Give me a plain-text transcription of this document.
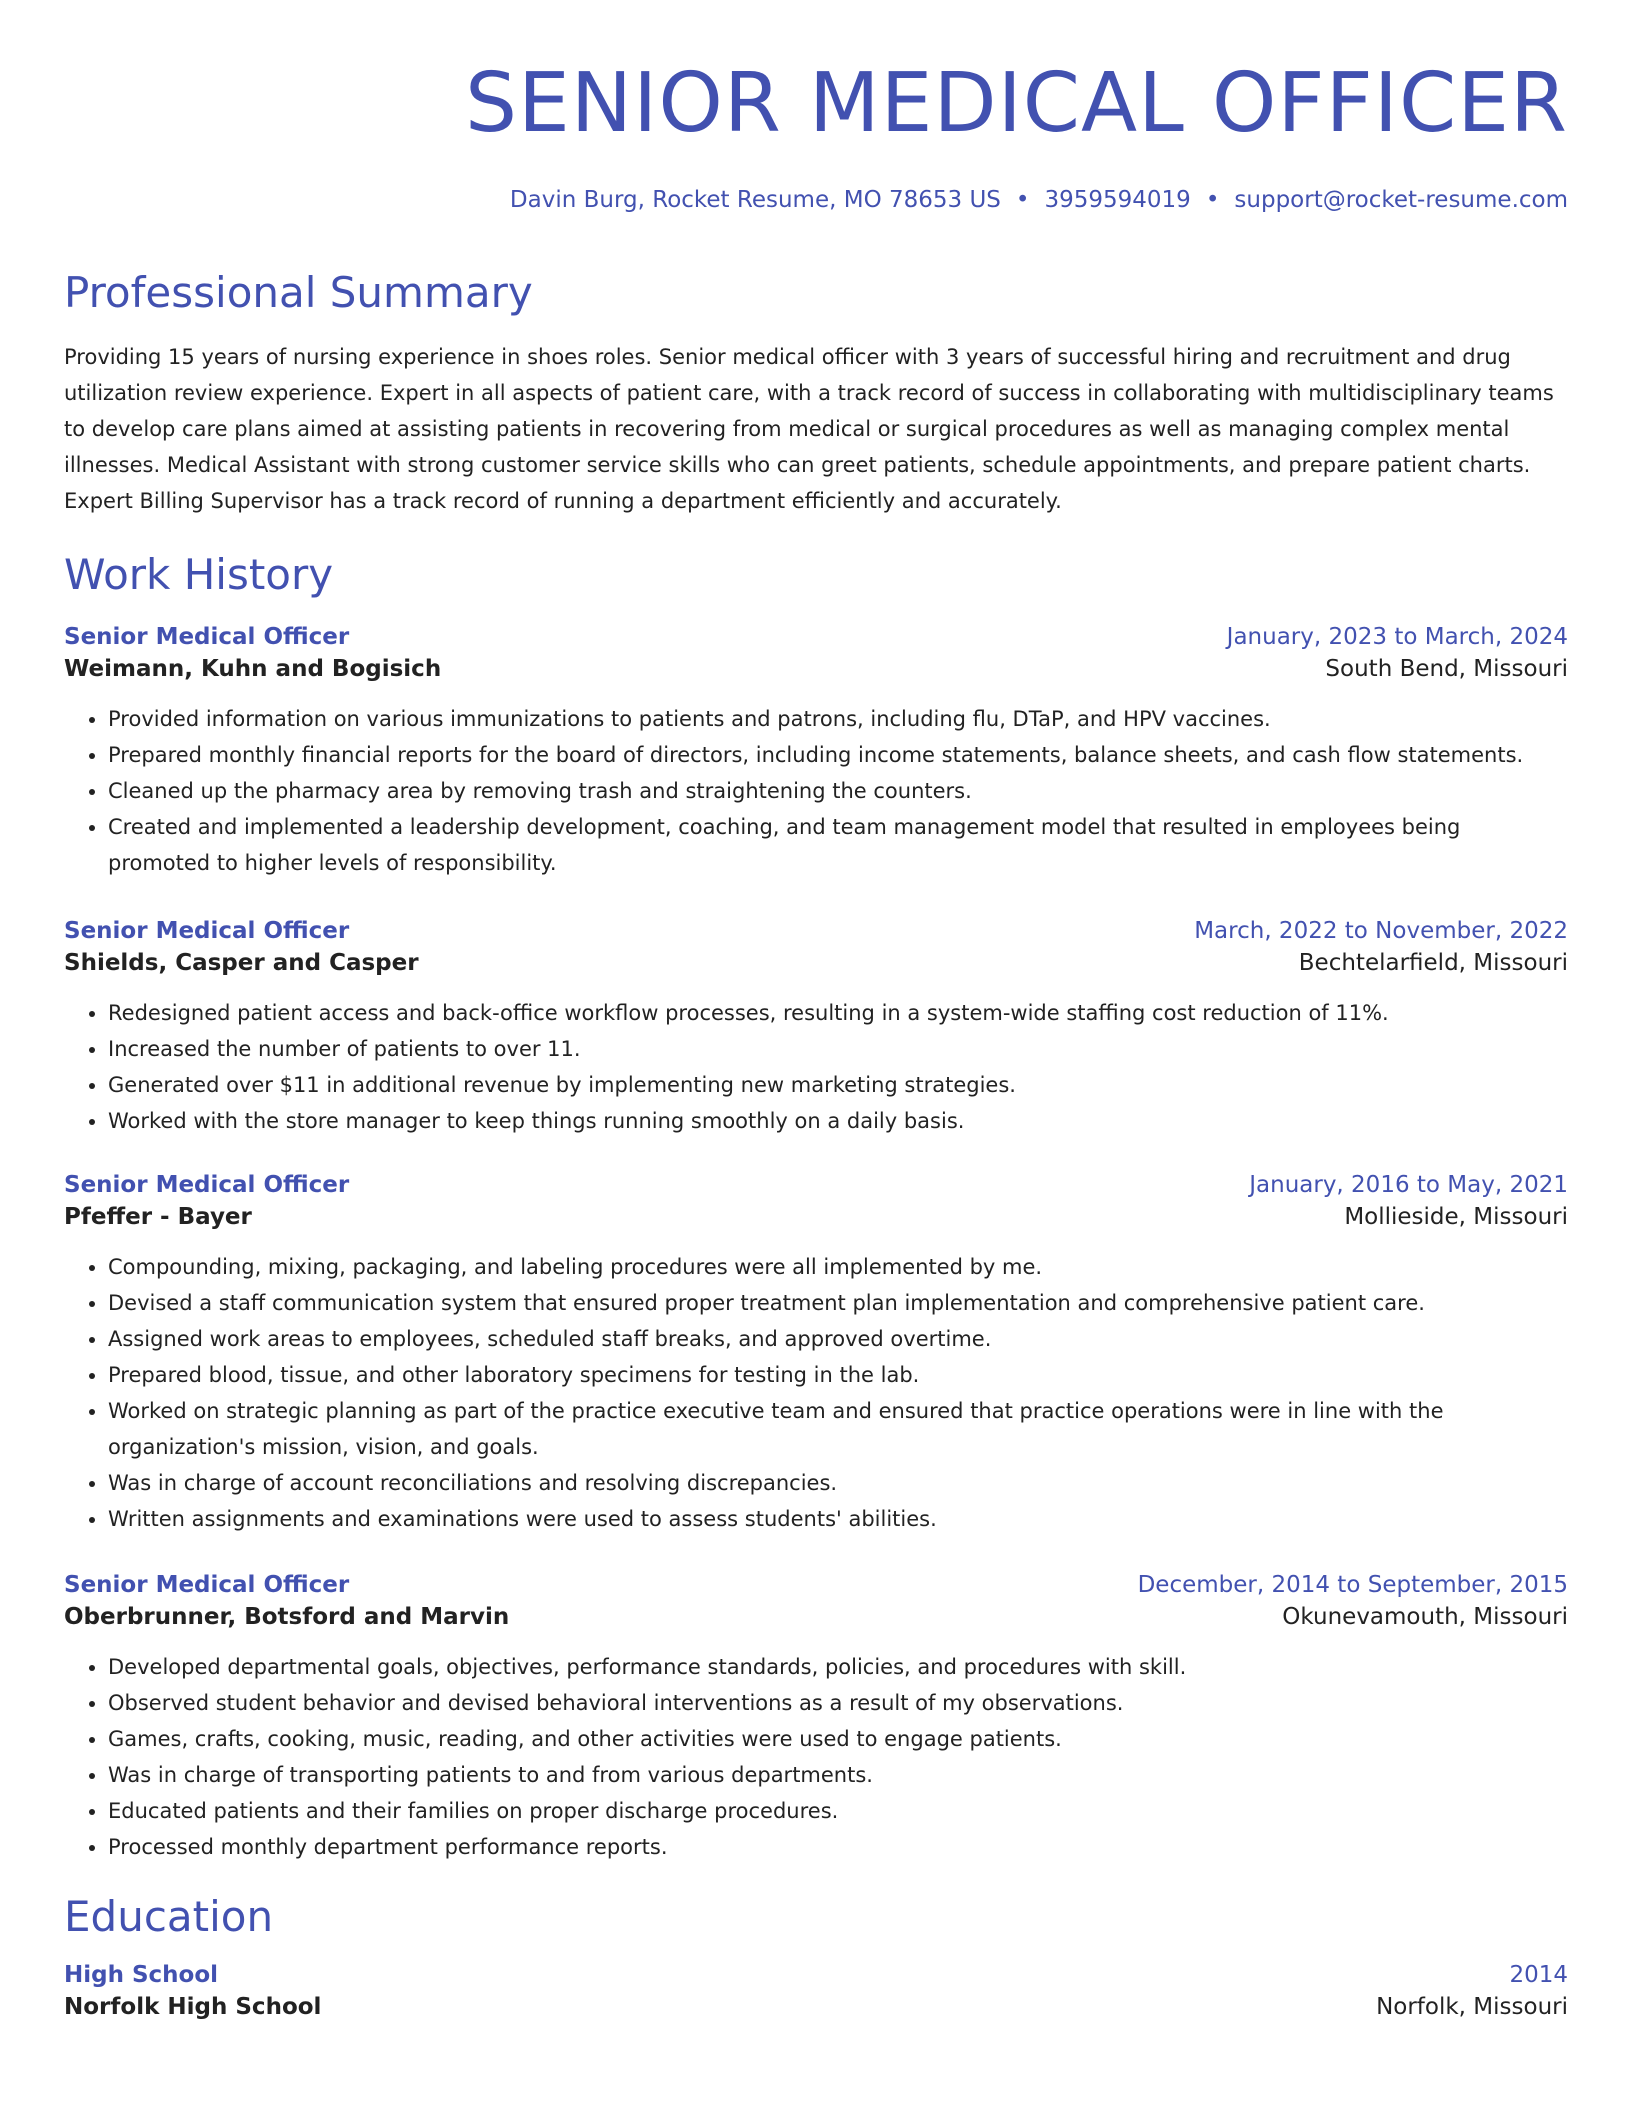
SENIOR MEDICAL OFFICER
Davin Burg, Rocket Resume, MO 78653 US • 3959594019 • support@rocket-resume.com
Professional Summary
Providing 15 years of nursing experience in shoes roles. Senior medical officer with 3 years of successful hiring and recruitment and drug utilization review experience. Expert in all aspects of patient care, with a track record of success in collaborating with multidisciplinary teams to develop care plans aimed at assisting patients in recovering from medical or surgical procedures as well as managing complex mental illnesses. Medical Assistant with strong customer service skills who can greet patients, schedule appointments, and prepare patient charts. Expert Billing Supervisor has a track record of running a department efficiently and accurately.
Work History
Senior Medical Officer	January, 2023 to March, 2024
Weimann, Kuhn and Bogisich	South Bend, Missouri
• Provided information on various immunizations to patients and patrons, including flu, DTaP, and HPV vaccines.
• Prepared monthly financial reports for the board of directors, including income statements, balance sheets, and cash flow statements.
• Cleaned up the pharmacy area by removing trash and straightening the counters.
• Created and implemented a leadership development, coaching, and team management model that resulted in employees being promoted to higher levels of responsibility.
Senior Medical Officer	March, 2022 to November, 2022
Shields, Casper and Casper	Bechtelarfield, Missouri
• Redesigned patient access and back-office workflow processes, resulting in a system-wide staffing cost reduction of 11%.
• Increased the number of patients to over 11.
• Generated over $11 in additional revenue by implementing new marketing strategies.
• Worked with the store manager to keep things running smoothly on a daily basis.
Senior Medical Officer	January, 2016 to May, 2021
Pfeffer - Bayer	Mollieside, Missouri
• Compounding, mixing, packaging, and labeling procedures were all implemented by me.
• Devised a staff communication system that ensured proper treatment plan implementation and comprehensive patient care.
• Assigned work areas to employees, scheduled staff breaks, and approved overtime.
• Prepared blood, tissue, and other laboratory specimens for testing in the lab.
• Worked on strategic planning as part of the practice executive team and ensured that practice operations were in line with the organization's mission, vision, and goals.
• Was in charge of account reconciliations and resolving discrepancies.
• Written assignments and examinations were used to assess students' abilities.
Senior Medical Officer	December, 2014 to September, 2015
Oberbrunner, Botsford and Marvin	Okunevamouth, Missouri
• Developed departmental goals, objectives, performance standards, policies, and procedures with skill.
• Observed student behavior and devised behavioral interventions as a result of my observations.
• Games, crafts, cooking, music, reading, and other activities were used to engage patients.
• Was in charge of transporting patients to and from various departments.
• Educated patients and their families on proper discharge procedures.
• Processed monthly department performance reports.
Education
High School	2014
Norfolk High School	Norfolk, Missouri
